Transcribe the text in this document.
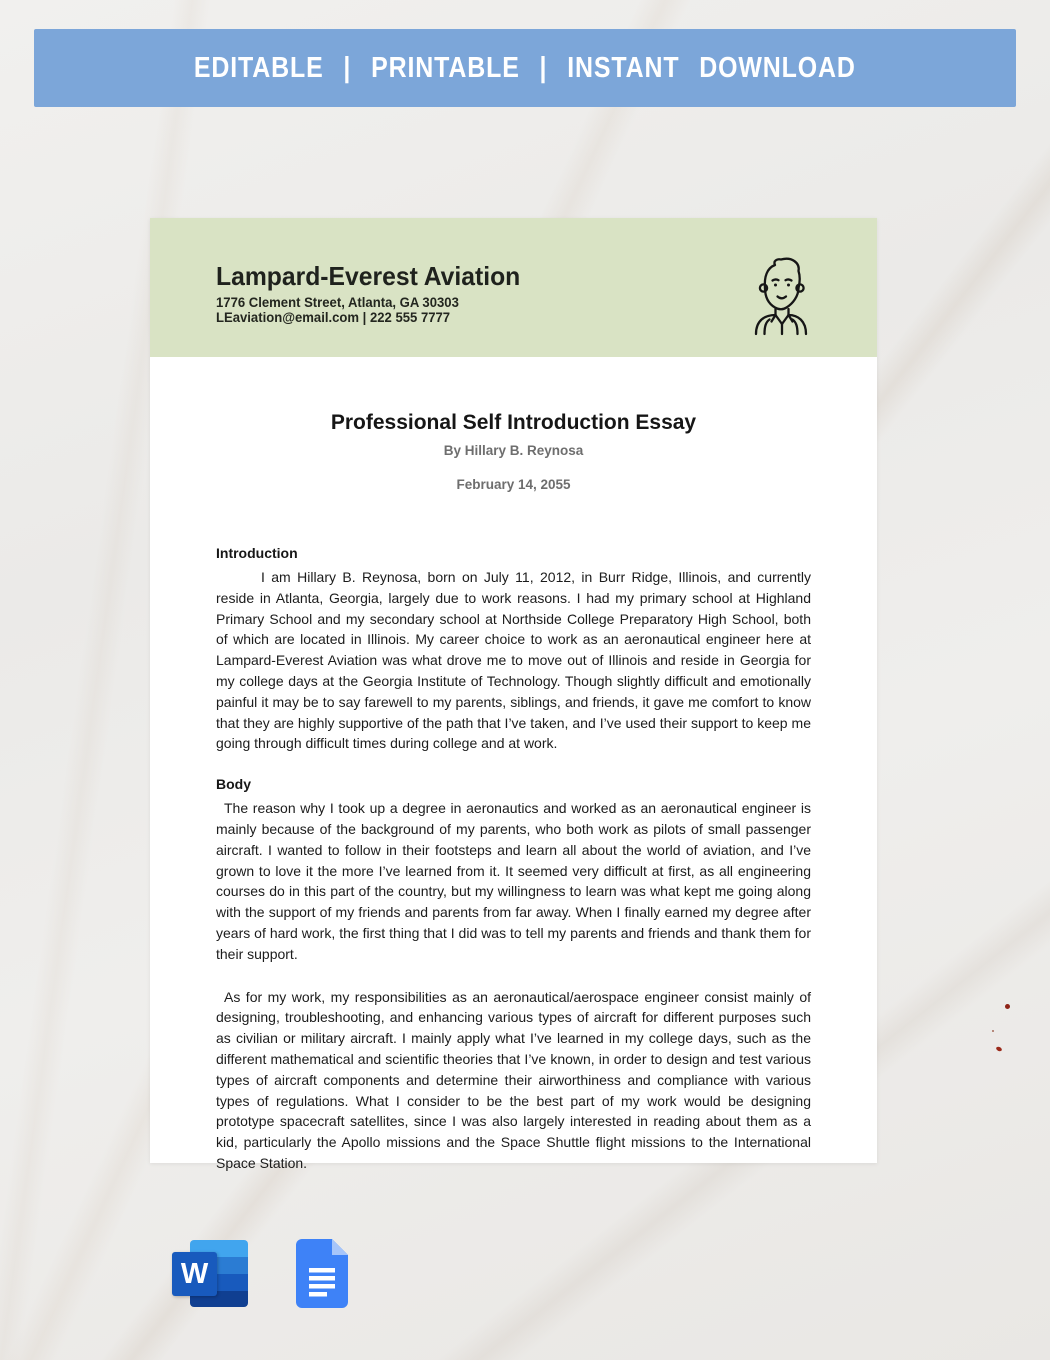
EDITABLE | PRINTABLE | INSTANT DOWNLOAD
Lampard-Everest Aviation
1776 Clement Street, Atlanta, GA 30303
LEaviation@email.com | 222 555 7777
Professional Self Introduction Essay
By Hillary B. Reynosa
February 14, 2055
Introduction

I am Hillary B. Reynosa, born on July 11, 2012, in Burr Ridge, Illinois, and currently reside in Atlanta, Georgia, largely due to work reasons. I had my primary school at Highland Primary School and my secondary school at Northside College Preparatory High School, both of which are located in Illinois. My career choice to work as an aeronautical engineer here at Lampard-Everest Aviation was what drove me to move out of Illinois and reside in Georgia for my college days at the Georgia Institute of Technology. Though slightly difficult and emotionally painful it may be to say farewell to my parents, siblings, and friends, it gave me comfort to know that they are highly supportive of the path that I’ve taken, and I’ve used their support to keep me going through difficult times during college and at work.

Body

The reason why I took up a degree in aeronautics and worked as an aeronautical engineer is mainly because of the background of my parents, who both work as pilots of small passenger aircraft. I wanted to follow in their footsteps and learn all about the world of aviation, and I’ve grown to love it the more I’ve learned from it. It seemed very difficult at first, as all engineering courses do in this part of the country, but my willingness to learn was what kept me going along with the support of my friends and parents from far away. When I finally earned my degree after years of hard work, the first thing that I did was to tell my parents and friends and thank them for their support.

As for my work, my responsibilities as an aeronautical/aerospace engineer consist mainly of designing, troubleshooting, and enhancing various types of aircraft for different purposes such as civilian or military aircraft. I mainly apply what I’ve learned in my college days, such as the different mathematical and scientific theories that I’ve known, in order to design and test various types of aircraft components and determine their airworthiness and compliance with various types of regulations. What I consider to be the best part of my work would be designing prototype spacecraft satellites, since I was also largely interested in reading about them as a kid, particularly the Apollo missions and the Space Shuttle flight missions to the International Space Station.

W
